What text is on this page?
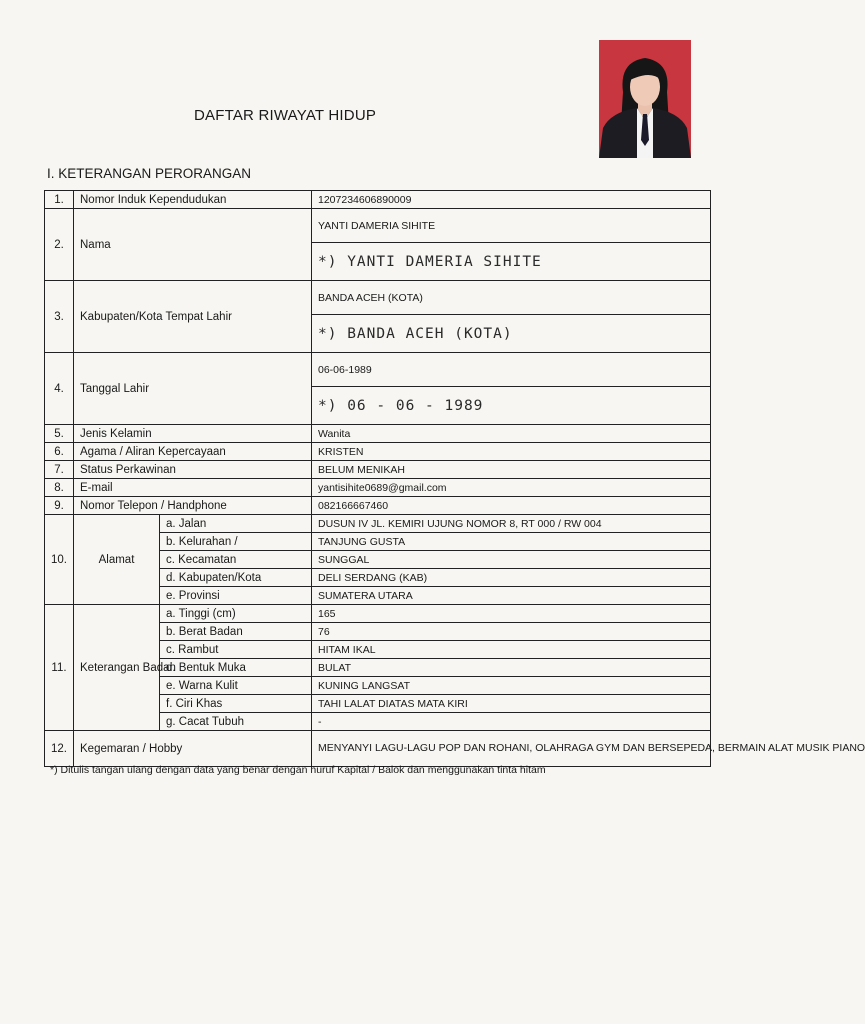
DAFTAR RIWAYAT HIDUP
I. KETERANGAN PERORANGAN
1.	Nomor Induk Kependudukan		1207234606890009
2.	Nama		YANTI DAMERIA SIHITE
			*) YANTI DAMERIA SIHITE
3.	Kabupaten/Kota Tempat Lahir		BANDA ACEH (KOTA)
			*) BANDA ACEH (KOTA)
4.	Tanggal Lahir		06-06-1989
			*) 06 - 06 - 1989
5.	Jenis Kelamin		Wanita
6.	Agama / Aliran Kepercayaan		KRISTEN
7.	Status Perkawinan		BELUM MENIKAH
8.	E-mail		yantisihite0689@gmail.com
9.	Nomor Telepon / Handphone		082166667460
10.	Alamat	a. Jalan	DUSUN IV JL. KEMIRI UJUNG NOMOR 8, RT 000 / RW 004
		b. Kelurahan /	TANJUNG GUSTA
		c. Kecamatan	SUNGGAL
		d. Kabupaten/Kota	DELI SERDANG (KAB)
		e. Provinsi	SUMATERA UTARA
11.	Keterangan Badan	a. Tinggi (cm)	165
		b. Berat Badan	76
		c. Rambut	HITAM IKAL
		d. Bentuk Muka	BULAT
		e. Warna Kulit	KUNING LANGSAT
		f. Ciri Khas	TAHI LALAT DIATAS MATA KIRI
		g. Cacat Tubuh	-
12.	Kegemaran / Hobby		MENYANYI LAGU-LAGU POP DAN ROHANI, OLAHRAGA GYM DAN BERSEPEDA, BERMAIN ALAT MUSIK PIANO
*) Ditulis tangan ulang dengan data yang benar dengan huruf Kapital / Balok dan menggunakan tinta hitam
